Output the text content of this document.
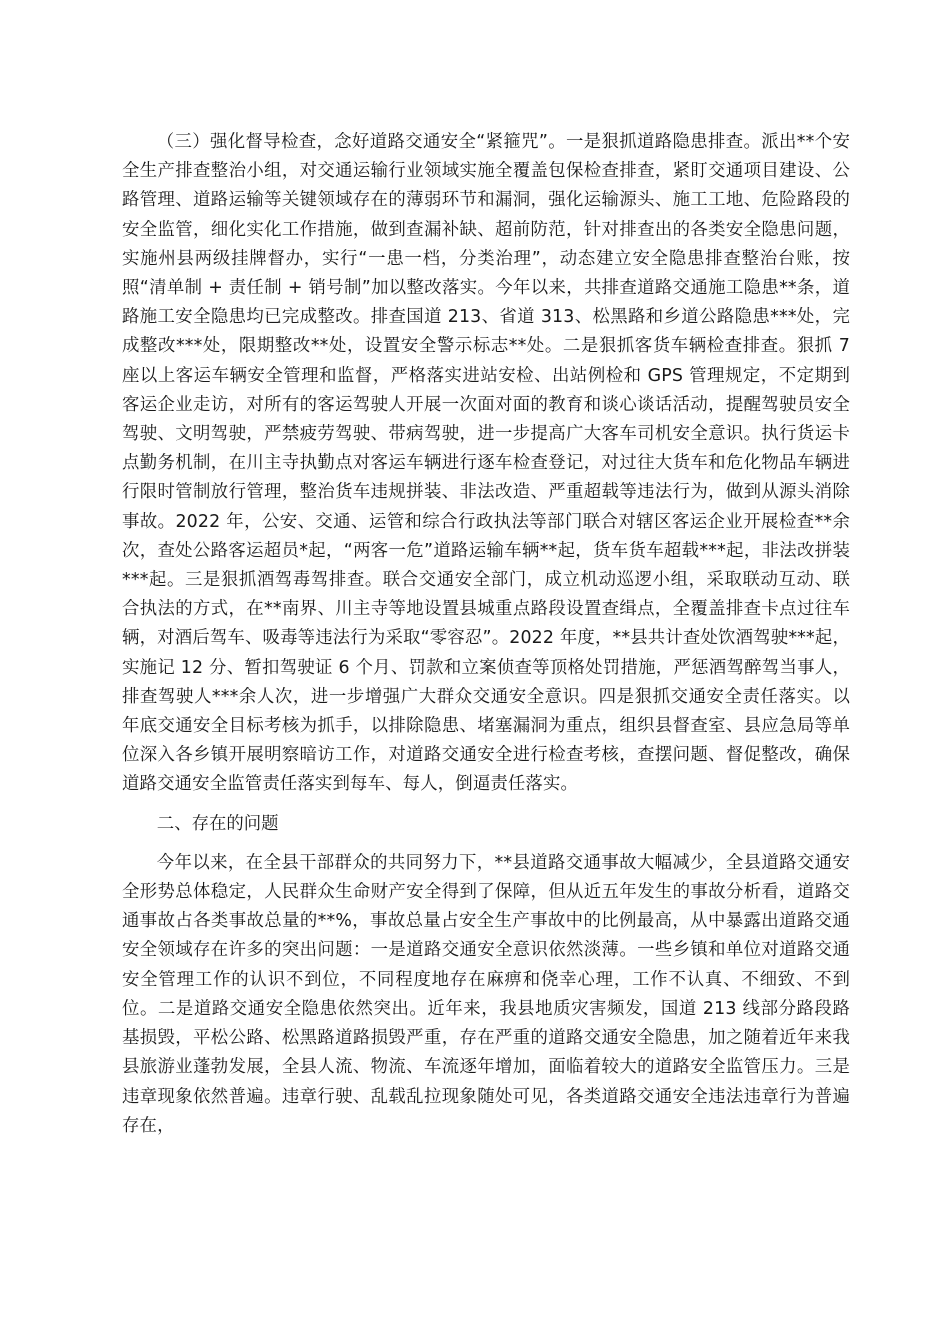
（三）强化督导检查，念好道路交通安全“紧箍咒”。一是狠抓道路隐患排查。派出**个安全生产排查整治小组，对交通运输行业领域实施全覆盖包保检查排查，紧盯交通项目建设、公路管理、道路运输等关键领域存在的薄弱环节和漏洞，强化运输源头、施工工地、危险路段的安全监管，细化实化工作措施，做到查漏补缺、超前防范，针对排查出的各类安全隐患问题，实施州县两级挂牌督办，实行“一患一档，分类治理”，动态建立安全隐患排查整治台账，按照“清单制 + 责任制 + 销号制”加以整改落实。今年以来，共排查道路交通施工隐患**条，道路施工安全隐患均已完成整改。排查国道 213、省道 313、松黑路和乡道公路隐患***处，完成整改***处，限期整改**处，设置安全警示标志**处。二是狠抓客货车辆检查排查。狠抓 7 座以上客运车辆安全管理和监督，严格落实进站安检、出站例检和 GPS 管理规定，不定期到客运企业走访，对所有的客运驾驶人开展一次面对面的教育和谈心谈话活动，提醒驾驶员安全驾驶、文明驾驶，严禁疲劳驾驶、带病驾驶，进一步提高广大客车司机安全意识。执行货运卡点勤务机制，在川主寺执勤点对客运车辆进行逐车检查登记，对过往大货车和危化物品车辆进行限时管制放行管理，整治货车违规拼装、非法改造、严重超载等违法行为，做到从源头消除事故。2022 年，公安、交通、运管和综合行政执法等部门联合对辖区客运企业开展检查**余次，查处公路客运超员*起，“两客一危”道路运输车辆**起，货车货车超载***起，非法改拼装***起。三是狠抓酒驾毒驾排查。联合交通安全部门，成立机动巡逻小组，采取联动互动、联合执法的方式，在**南界、川主寺等地设置县城重点路段设置查缉点，全覆盖排查卡点过往车辆，对酒后驾车、吸毒等违法行为采取“零容忍”。2022 年度，**县共计查处饮酒驾驶***起，实施记 12 分、暂扣驾驶证 6 个月、罚款和立案侦查等顶格处罚措施，严惩酒驾醉驾当事人，排查驾驶人***余人次，进一步增强广大群众交通安全意识。四是狠抓交通安全责任落实。以年底交通安全目标考核为抓手，以排除隐患、堵塞漏洞为重点，组织县督查室、县应急局等单位深入各乡镇开展明察暗访工作，对道路交通安全进行检查考核，查摆问题、督促整改，确保道路交通安全监管责任落实到每车、每人，倒逼责任落实。

二、存在的问题

今年以来，在全县干部群众的共同努力下，**县道路交通事故大幅减少，全县道路交通安全形势总体稳定，人民群众生命财产安全得到了保障，但从近五年发生的事故分析看，道路交通事故占各类事故总量的**%，事故总量占安全生产事故中的比例最高，从中暴露出道路交通安全领域存在许多的突出问题：一是道路交通安全意识依然淡薄。一些乡镇和单位对道路交通安全管理工作的认识不到位，不同程度地存在麻痹和侥幸心理，工作不认真、不细致、不到位。二是道路交通安全隐患依然突出。近年来，我县地质灾害频发，国道 213 线部分路段路基损毁，平松公路、松黑路道路损毁严重，存在严重的道路交通安全隐患，加之随着近年来我县旅游业蓬勃发展，全县人流、物流、车流逐年增加，面临着较大的道路安全监管压力。三是违章现象依然普遍。违章行驶、乱载乱拉现象随处可见，各类道路交通安全违法违章行为普遍存在，
